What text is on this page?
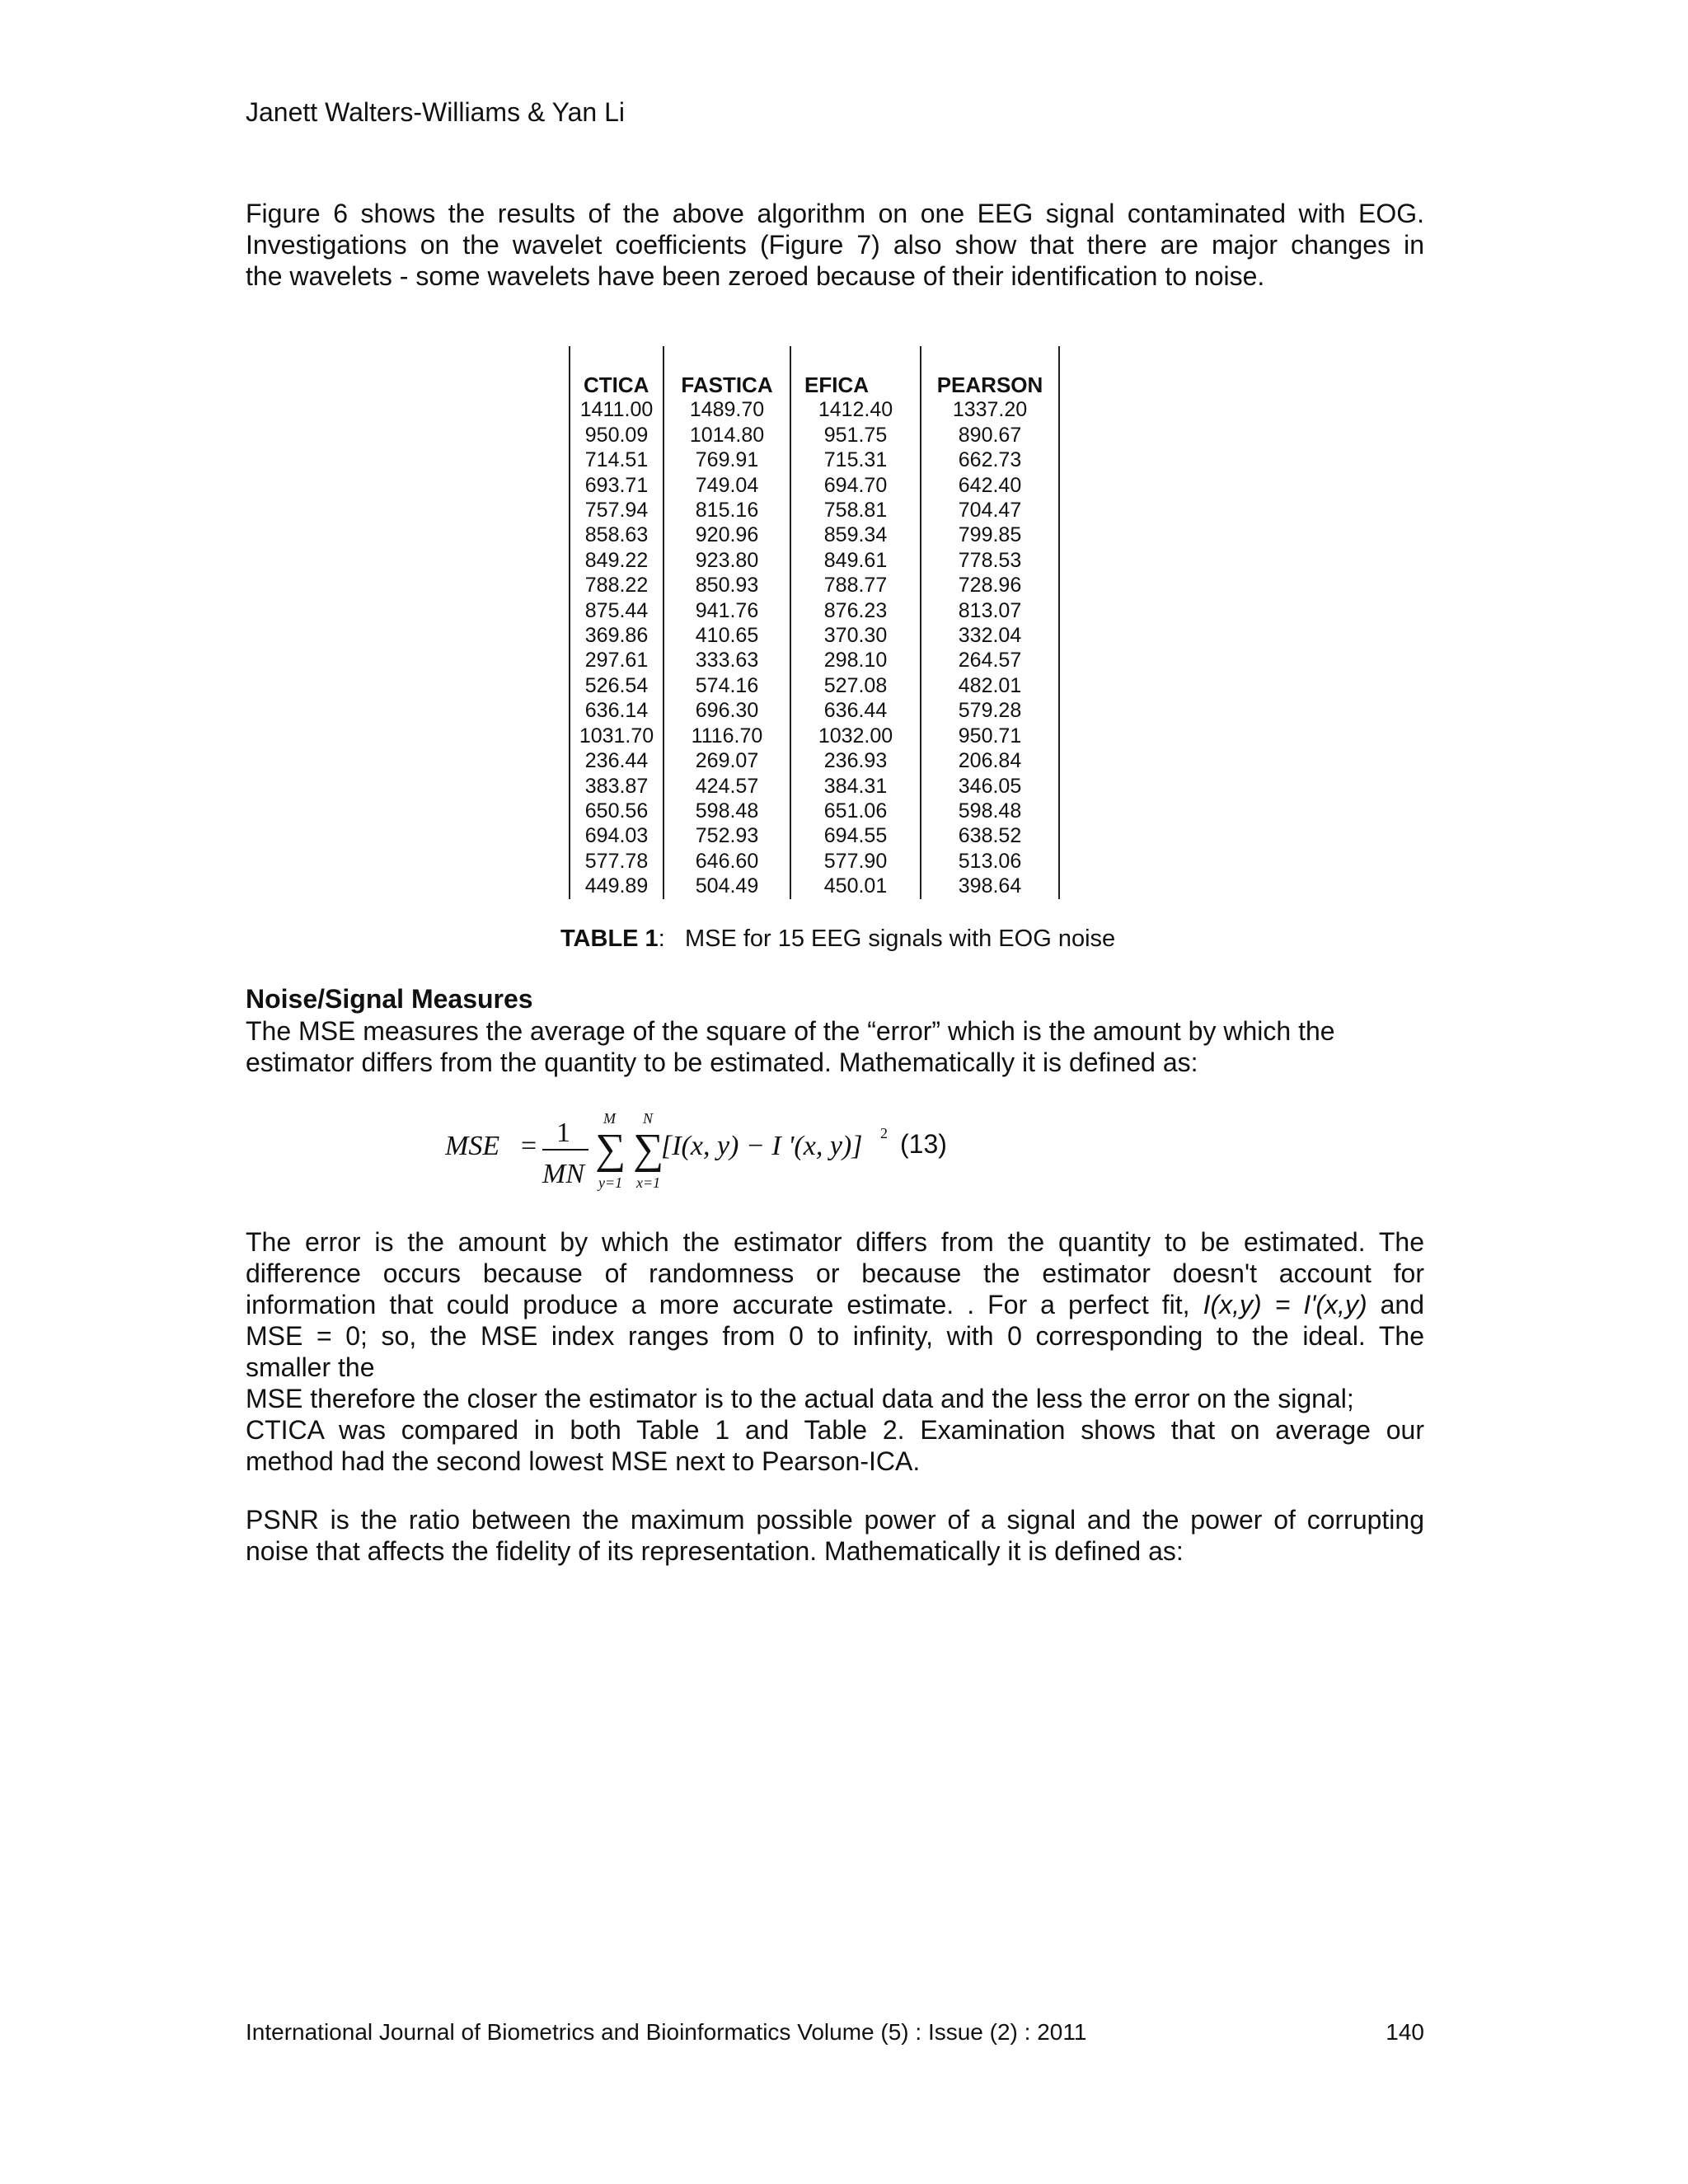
Janett Walters-Williams & Yan Li
Figure 6 shows the results of the above algorithm on one EEG signal contaminated with EOG.
Investigations on the wavelet coefficients (Figure 7) also show that there are major changes in
the wavelets - some wavelets have been zeroed because of their identification to noise.
CTICA	FASTICA	EFICA	PEARSON
1411.00	1489.70	1412.40	1337.20
950.09	1014.80	951.75	890.67
714.51	769.91	715.31	662.73
693.71	749.04	694.70	642.40
757.94	815.16	758.81	704.47
858.63	920.96	859.34	799.85
849.22	923.80	849.61	778.53
788.22	850.93	788.77	728.96
875.44	941.76	876.23	813.07
369.86	410.65	370.30	332.04
297.61	333.63	298.10	264.57
526.54	574.16	527.08	482.01
636.14	696.30	636.44	579.28
1031.70	1116.70	1032.00	950.71
236.44	269.07	236.93	206.84
383.87	424.57	384.31	346.05
650.56	598.48	651.06	598.48
694.03	752.93	694.55	638.52
577.78	646.60	577.90	513.06
449.89	504.49	450.01	398.64
TABLE 1: MSE for 15 EEG signals with EOG noise
Noise/Signal Measures
The MSE measures the average of the square of the “error” which is the amount by which the
estimator differs from the quantity to be estimated. Mathematically it is defined as:
MSE = 1
MN
∑
M
y=1
∑
N
x=1
[I(x, y) − I '(x, y)] 2 (13)
The error is the amount by which the estimator differs from the quantity to be estimated. The
difference occurs because of randomness or because the estimator doesn't account for
information that could produce a more accurate estimate. . For a perfect fit, I(x,y) = I'(x,y) and
MSE = 0; so, the MSE index ranges from 0 to infinity, with 0 corresponding to the ideal. The
smaller the
MSE therefore the closer the estimator is to the actual data and the less the error on the signal;
CTICA was compared in both Table 1 and Table 2. Examination shows that on average our
method had the second lowest MSE next to Pearson-ICA.
PSNR is the ratio between the maximum possible power of a signal and the power of corrupting
noise that affects the fidelity of its representation. Mathematically it is defined as:
International Journal of Biometrics and Bioinformatics Volume (5) : Issue (2) : 2011	140
